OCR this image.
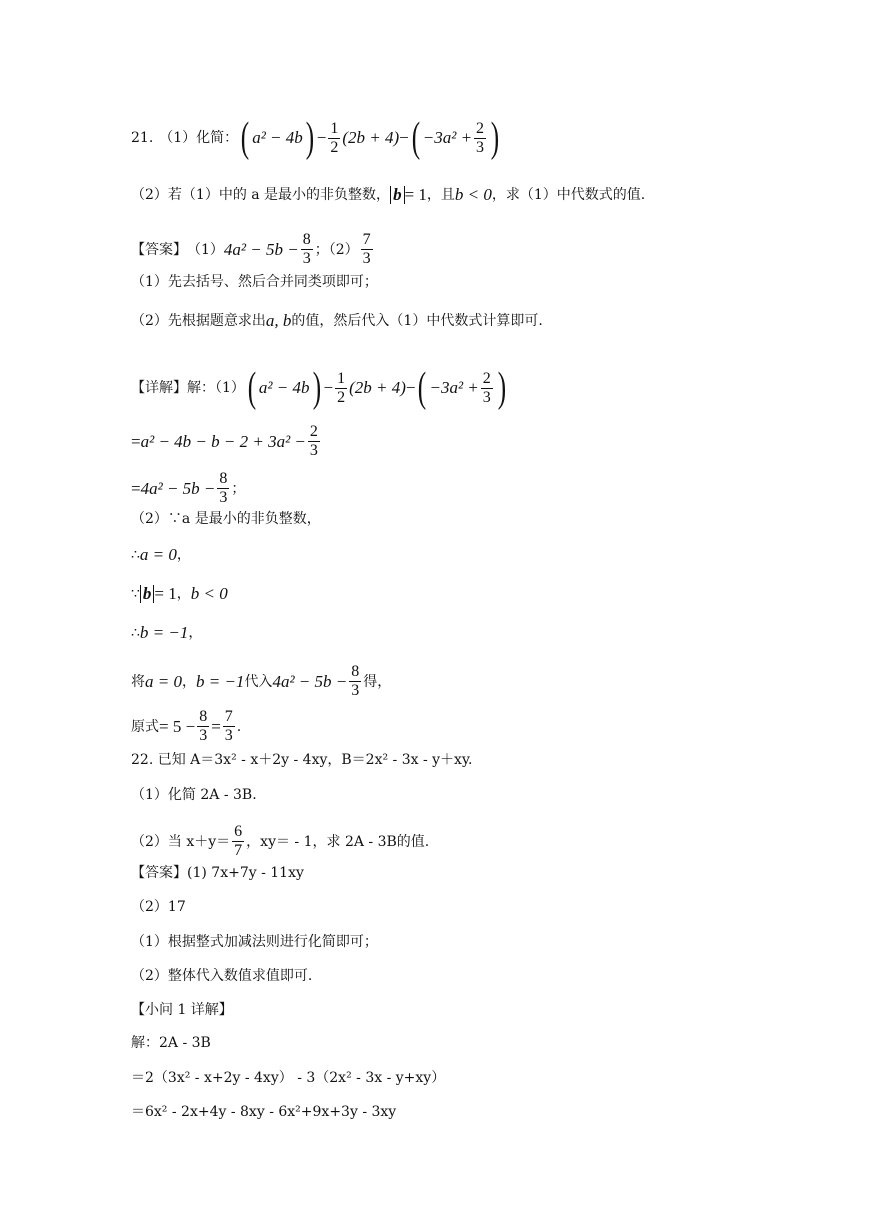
21. （1）化简： ( a² − 4b ) − $\frac{1}{2} (2b + 4)$ − ( $-3a^2 + \frac{2}{3}$ )
（2）若（1）中的 a 是最小的非负整数， b = 1 ，且 b < 0 ，求（1）中代数式的值.
【答案】 （1） $4a^2 - 5b - \frac{8}{3}$ ；$(2) \frac{7}{3}$
（1）先去括号、然后合并同类项即可；
（2）先根据题意求出 a, b 的值，然后代入（1）中代数式计算即可.
【详解】 解：（1） ( a² − 4b ) − $\frac{1}{2} (2b + 4)$ − ( $-3a^2 + \frac{2}{3}$ )
= $a^2 - 4b - b - 2 + 3a^2 - \frac{2}{3}$
= $4a^2 - 5b - \frac{8}{3}$ ；
（2）∵a 是最小的非负整数，
∴ a = 0 ，
∵ b = 1 ， b < 0
∴ b = −1 ，
将 a = 0 ， b = −1 代入 $4a^2 - 5b - \frac{8}{3}$ 得，
原式 = $5 - \frac{8}{3} = \frac{7}{3}$ .
22. 已知 A＝3x² - x＋2y - 4xy，B＝2x² - 3x - y＋xy.
（1）化简 2A - 3B.
（2）当 $x+y= \frac{6}{7}$ ，xy＝ - 1，求 2A - 3B的值.
【答案】 (1) 7x+7y - 11xy
（2）17
（1）根据整式加减法则进行化简即可；
（2）整体代入数值求值即可.
【小问 1 详解】
解：2A - 3B
＝2（3x² - x+2y - 4xy） - 3（2x² - 3x - y+xy）
＝6x² - 2x+4y - 8xy - 6x²+9x+3y - 3xy
